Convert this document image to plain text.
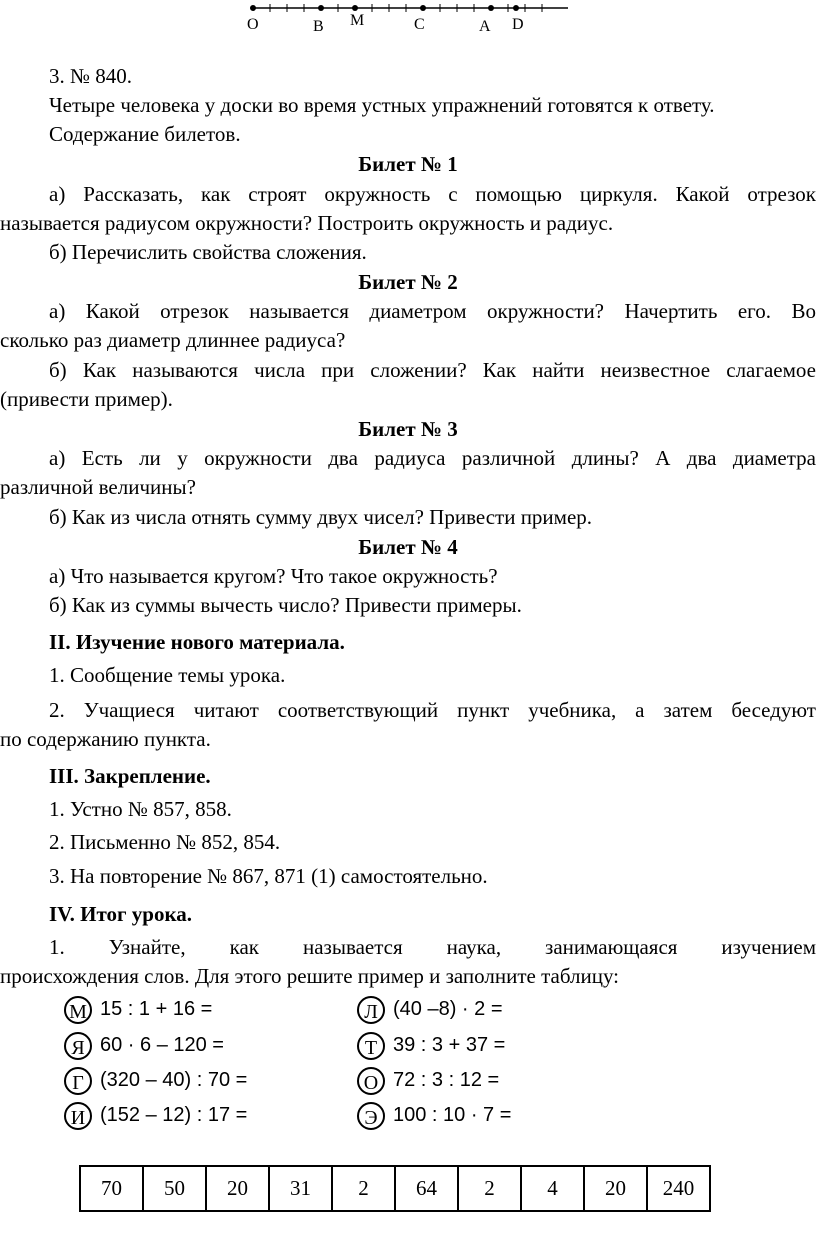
O	B M	C	A D
3. № 840.
Четыре человека у доски во время устных упражнений готовятся к ответу.
Содержание билетов.
Билет № 1
а) Рассказать, как строят окружность с помощью циркуля. Какой отрезок
называется радиусом окружности? Построить окружность и радиус.
б) Перечислить свойства сложения.
Билет № 2
а) Какой отрезок называется диаметром окружности? Начертить его. Во
сколько раз диаметр длиннее радиуса?
б) Как называются числа при сложении? Как найти неизвестное слагаемое
(привести пример).
Билет № 3
а) Есть ли у окружности два радиуса различной длины? А два диаметра
различной величины?
б) Как из числа отнять сумму двух чисел? Привести пример.
Билет № 4
а) Что называется кругом? Что такое окружность?
б) Как из суммы вычесть число? Привести примеры.
II. Изучение нового материала.
1. Сообщение темы урока.
2. Учащиеся читают соответствующий пункт учебника, а затем беседуют
по содержанию пункта.
III. Закрепление.
1. Устно № 857, 858.
2. Письменно № 852, 854.
3. На повторение № 867, 871 (1) самостоятельно.
IV. Итог урока.
1. Узнайте, как называется наука, занимающаяся изучением
происхождения слов. Для этого решите пример и заполните таблицу:
М 15 : 1 + 16 =
Я 60 · 6 – 120 =
Г (320 – 40) : 70 =
И (152 – 12) : 17 =
Л (40 –8) · 2 =
Т 39 : 3 + 37 =
О 72 : 3 : 12 =
Э 100 : 10 · 7 =
70	50	20	31	2	64	2	4	20	240
